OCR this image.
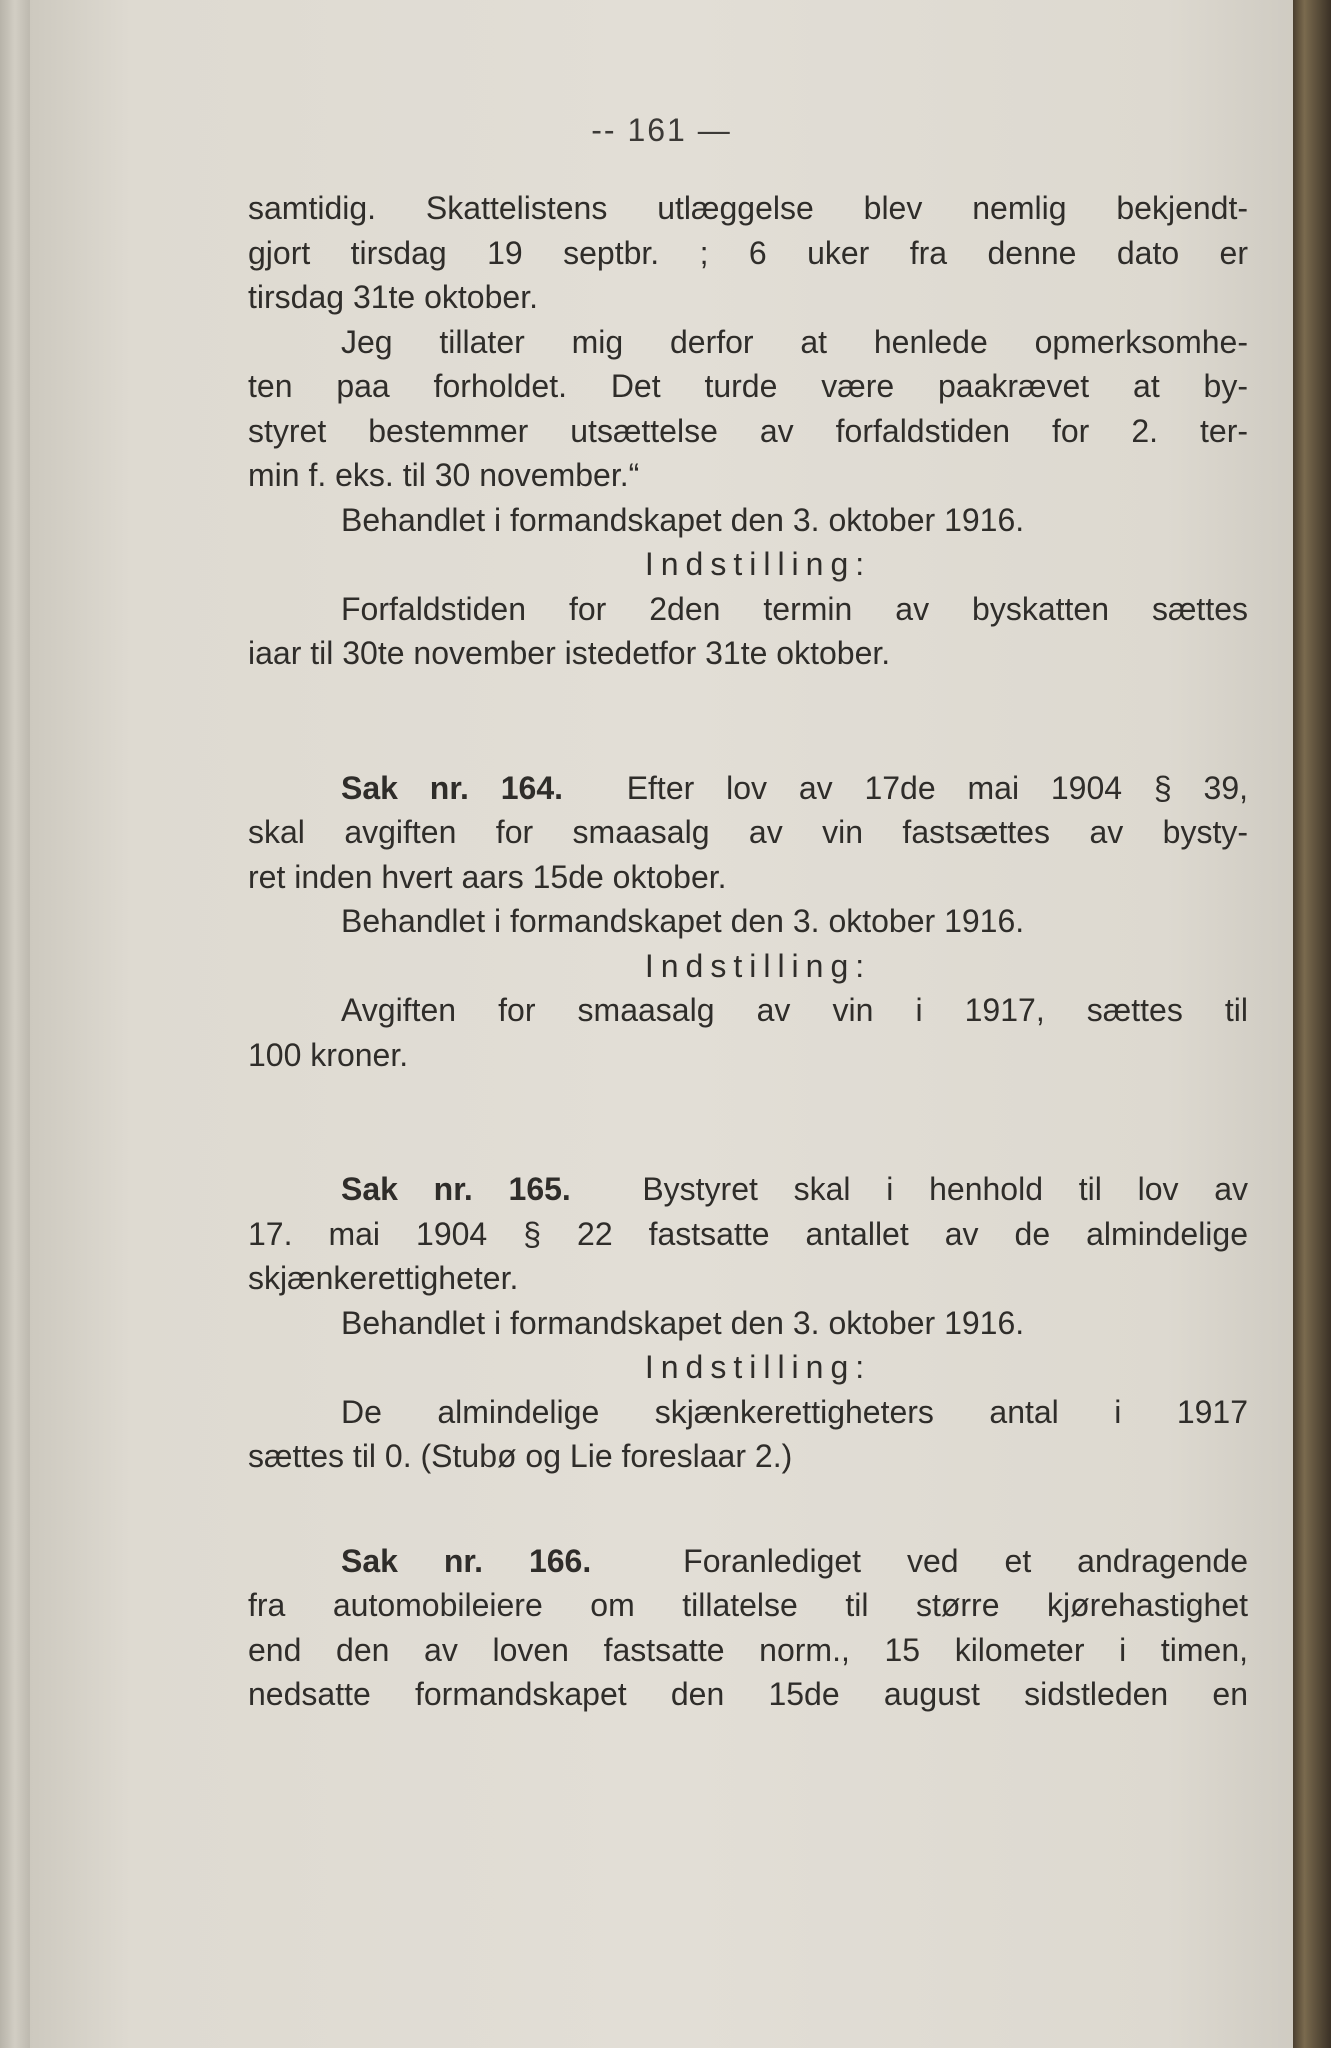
-- 161 —
samtidig. Skattelistens utlæggelse blev nemlig bekjendt-
gjort tirsdag 19 septbr. ; 6 uker fra denne dato er
tirsdag 31te oktober.
Jeg tillater mig derfor at henlede opmerksomhe-
ten paa forholdet. Det turde være paakrævet at by-
styret bestemmer utsættelse av forfaldstiden for 2. ter-
min f. eks. til 30 november.“
Behandlet i formandskapet den 3. oktober 1916.
Indstilling:
Forfaldstiden for 2den termin av byskatten sættes
iaar til 30te november istedetfor 31te oktober.
Sak nr. 164. Efter lov av 17de mai 1904 § 39,
skal avgiften for smaasalg av vin fastsættes av bysty-
ret inden hvert aars 15de oktober.
Behandlet i formandskapet den 3. oktober 1916.
Indstilling:
Avgiften for smaasalg av vin i 1917, sættes til
100 kroner.
Sak nr. 165. Bystyret skal i henhold til lov av
17. mai 1904 § 22 fastsatte antallet av de almindelige
skjænkerettigheter.
Behandlet i formandskapet den 3. oktober 1916.
Indstilling:
De almindelige skjænkerettigheters antal i 1917
sættes til 0. (Stubø og Lie foreslaar 2.)
Sak nr. 166.	Foranlediget ved et andragende
fra automobileiere om tillatelse til større kjørehastighet
end den av loven fastsatte norm., 15 kilometer i timen,
nedsatte formandskapet den 15de august sidstleden en
